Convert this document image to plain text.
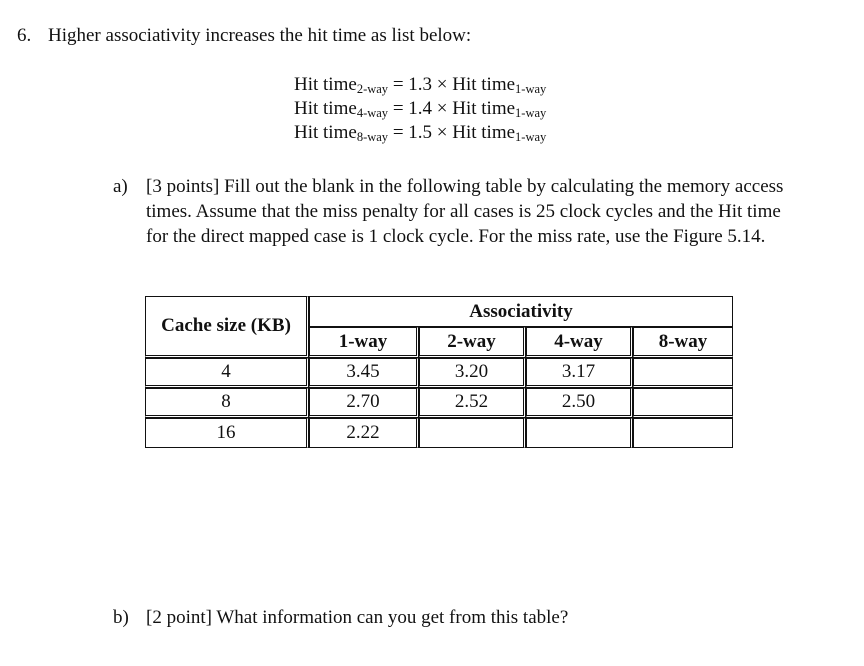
6. Higher associativity increases the hit time as list below:
Hit time$_{2-way}$ = 1.3 × Hit time$_{1-way}$
Hit time$_{4-way}$ = 1.4 × Hit time$_{1-way}$
Hit time$_{8-way}$ = 1.5 × Hit time$_{1-way}$
a) [3 points] Fill out the blank in the following table by calculating the memory access
times. Assume that the miss penalty for all cases is 25 clock cycles and the Hit time
for the direct mapped case is 1 clock cycle. For the miss rate, use the Figure 5.14.
Cache size (KB)	Associativity			
	1-way	2-way	4-way	8-way
4	3.45	3.20	3.17	
8	2.70	2.52	2.50	
16	2.22			
b) [2 point] What information can you get from this table?
